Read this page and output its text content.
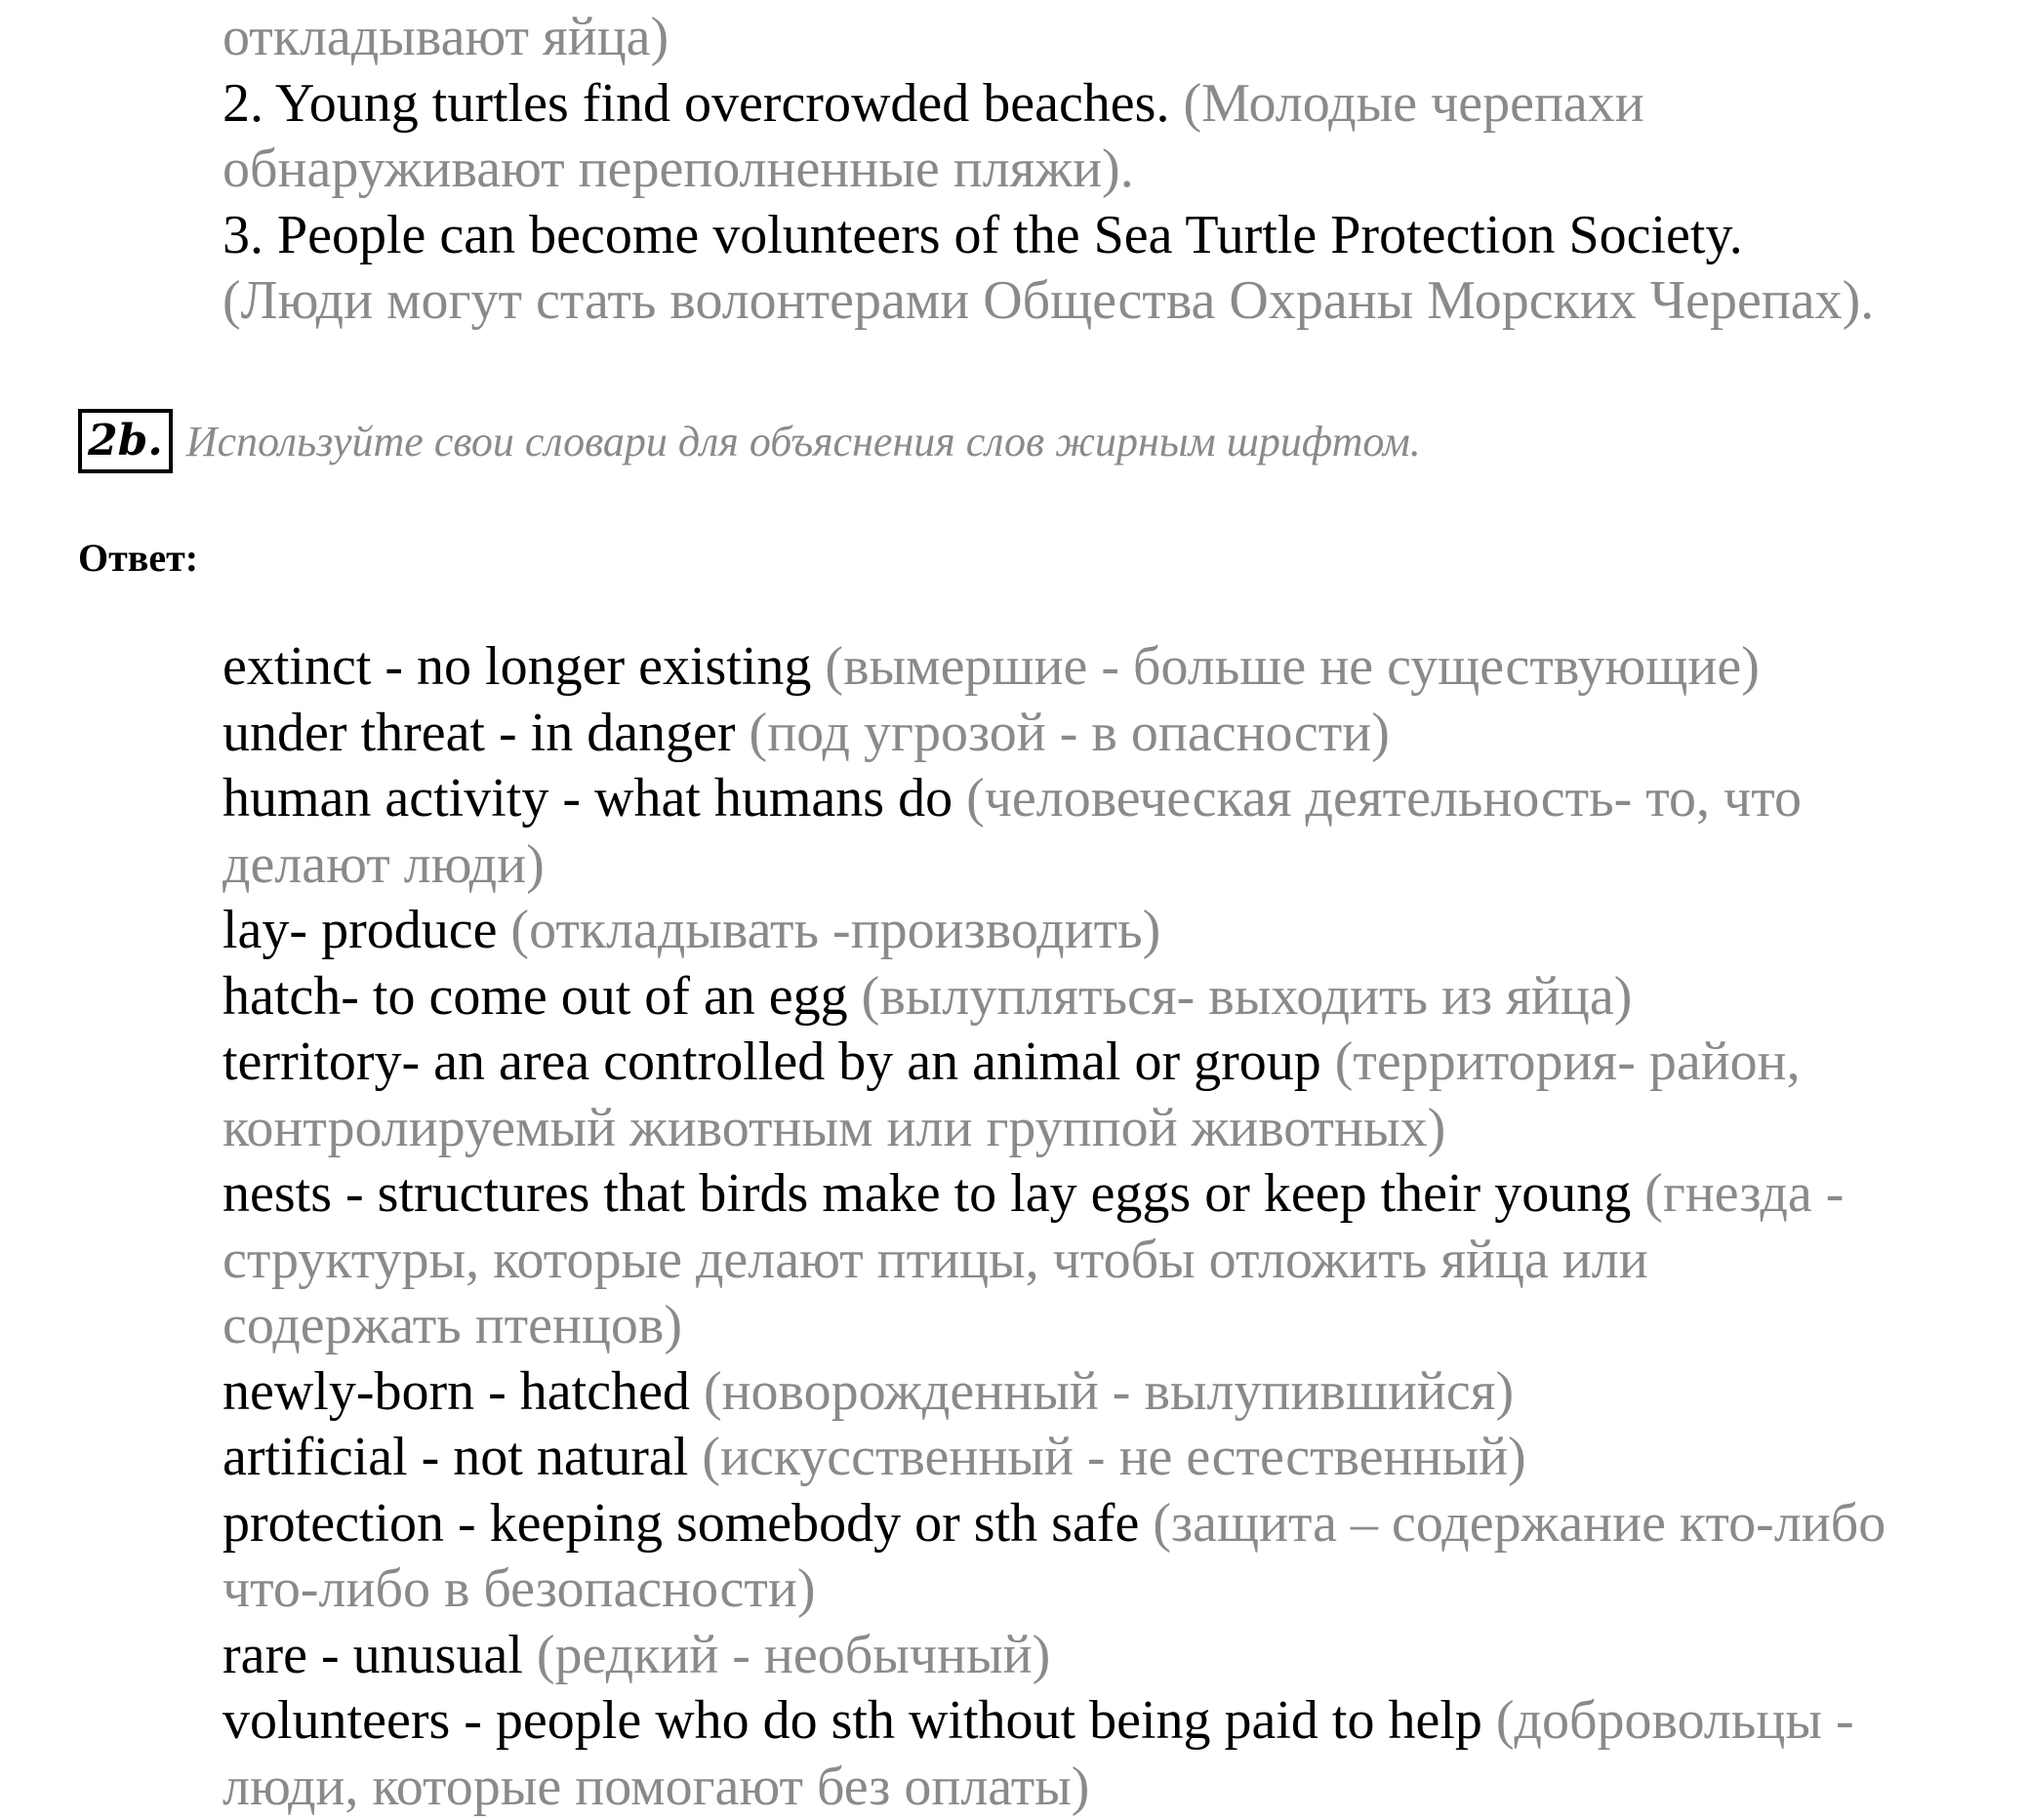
откладывают яйца)
2. Young turtles find overcrowded beaches. (Молодые черепахи
обнаруживают переполненные пляжи).
3. People can become volunteers of the Sea Turtle Protection Society.
(Люди могут стать волонтерами Общества Охраны Морских Черепах).
2b. Используйте свои словари для объяснения слов жирным шрифтом.
Ответ:
extinct - no longer existing (вымершие - больше не существующие)
under threat - in danger (под угрозой - в опасности)
human activity - what humans do (человеческая деятельность- то, что
делают люди)
lay- produce (откладывать -производить)
hatch- to come out of an egg (вылупляться- выходить из яйца)
territory- an area controlled by an animal or group (территория- район,
контролируемый животным или группой животных)
nests - structures that birds make to lay eggs or keep their young (гнезда -
структуры, которые делают птицы, чтобы отложить яйца или
содержать птенцов)
newly-born - hatched (новорожденный - вылупившийся)
artificial - not natural (искусственный - не естественный)
protection - keeping somebody or sth safe (защита – содержание кто-либо
что-либо в безопасности)
rare - unusual (редкий - необычный)
volunteers - people who do sth without being paid to help (добровольцы -
люди, которые помогают без оплаты)
